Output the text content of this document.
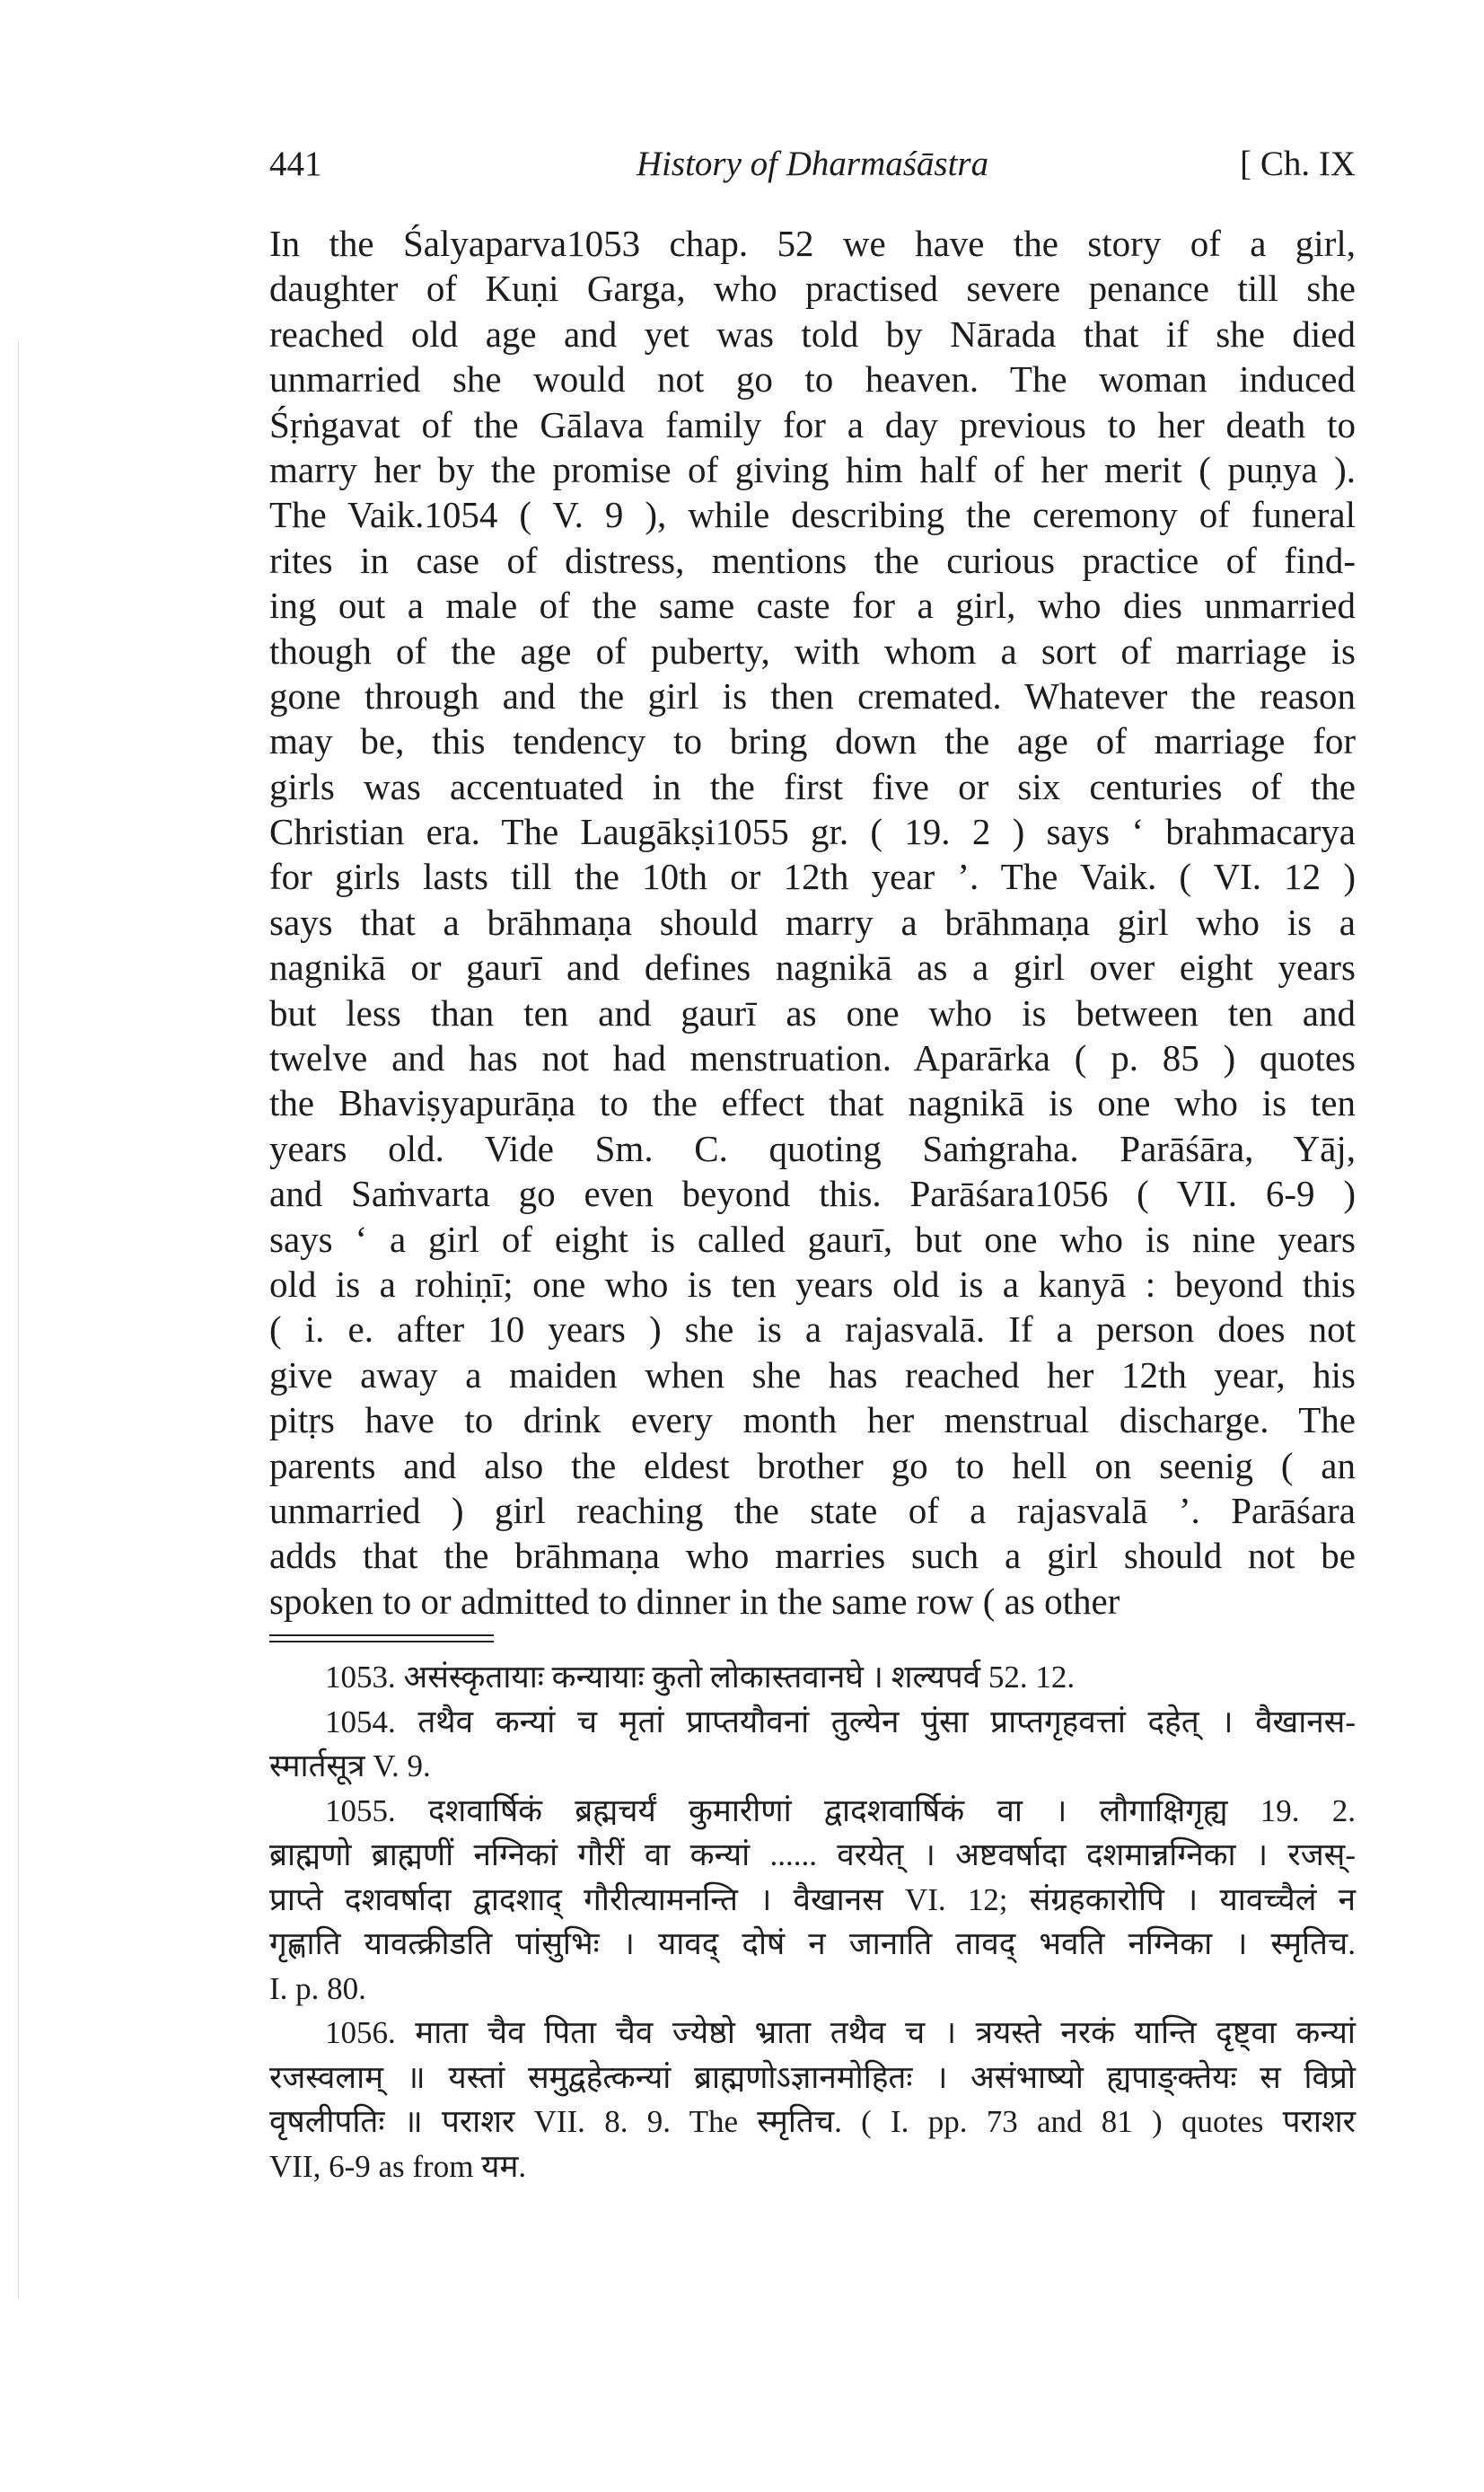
441	History of Dharmaśāstra	[ Ch. IX
In the Śalyaparva1053 chap. 52 we have the story of a girl,
daughter of Kuṇi Garga, who practised severe penance till she
reached old age and yet was told by Nārada that if she died
unmarried she would not go to heaven. The woman induced
Śṛṅgavat of the Gālava family for a day previous to her death to
marry her by the promise of giving him half of her merit ( puṇya ).
The Vaik.1054 ( V. 9 ), while describing the ceremony of funeral
rites in case of distress, mentions the curious practice of find-
ing out a male of the same caste for a girl, who dies unmarried
though of the age of puberty, with whom a sort of marriage is
gone through and the girl is then cremated. Whatever the reason
may be, this tendency to bring down the age of marriage for
girls was accentuated in the first five or six centuries of the
Christian era. The Laugākṣi1055 gr. ( 19. 2 ) says ‘ brahmacarya
for girls lasts till the 10th or 12th year ’. The Vaik. ( VI. 12 )
says that a brāhmaṇa should marry a brāhmaṇa girl who is a
nagnikā or gaurī and defines nagnikā as a girl over eight years
but less than ten and gaurī as one who is between ten and
twelve and has not had menstruation. Aparārka ( p. 85 ) quotes
the Bhaviṣyapurāṇa to the effect that nagnikā is one who is ten
years old. Vide Sm. C. quoting Saṁgraha. Parāśāra, Yāj,
and Saṁvarta go even beyond this. Parāśara1056 ( VII. 6-9 )
says ‘ a girl of eight is called gaurī, but one who is nine years
old is a rohiṇī; one who is ten years old is a kanyā : beyond this
( i. e. after 10 years ) she is a rajasvalā. If a person does not
give away a maiden when she has reached her 12th year, his
pitṛs have to drink every month her menstrual discharge. The
parents and also the eldest brother go to hell on seenig ( an
unmarried ) girl reaching the state of a rajasvalā ’. Parāśara
adds that the brāhmaṇa who marries such a girl should not be
spoken to or admitted to dinner in the same row ( as other
1053. असंस्कृतायाः कन्यायाः कुतो लोकास्तवानघे । शल्यपर्व 52. 12.
1054. तथैव कन्यां च मृतां प्राप्तयौवनां तुल्येन पुंसा प्राप्तगृहवत्तां दहेत् । वैखानस-
स्मार्तसूत्र V. 9.
1055. दशवार्षिकं ब्रह्मचर्यं कुमारीणां द्वादशवार्षिकं वा । लौगाक्षिगृह्य 19. 2.
ब्राह्मणो ब्राह्मणीं नग्निकां गौरीं वा कन्यां ...... वरयेत् । अष्टवर्षादा दशमान्नग्निका । रजस्-
प्राप्ते दशवर्षादा द्वादशाद् गौरीत्यामनन्ति । वैखानस VI. 12; संग्रहकारोपि । यावच्चैलं न
गृह्णाति यावत्क्रीडति पांसुभिः । यावद् दोषं न जानाति तावद् भवति नग्निका । स्मृतिच.
I. p. 80.
1056. माता चैव पिता चैव ज्येष्ठो भ्राता तथैव च । त्रयस्ते नरकं यान्ति दृष्ट्वा कन्यां
रजस्वलाम् ॥ यस्तां समुद्वहेत्कन्यां ब्राह्मणोऽज्ञानमोहितः । असंभाष्यो ह्यपाङ्क्तेयः स विप्रो
वृषलीपतिः ॥ पराशर VII. 8. 9. The स्मृतिच. ( I. pp. 73 and 81 ) quotes पराशर
VII, 6-9 as from यम.
